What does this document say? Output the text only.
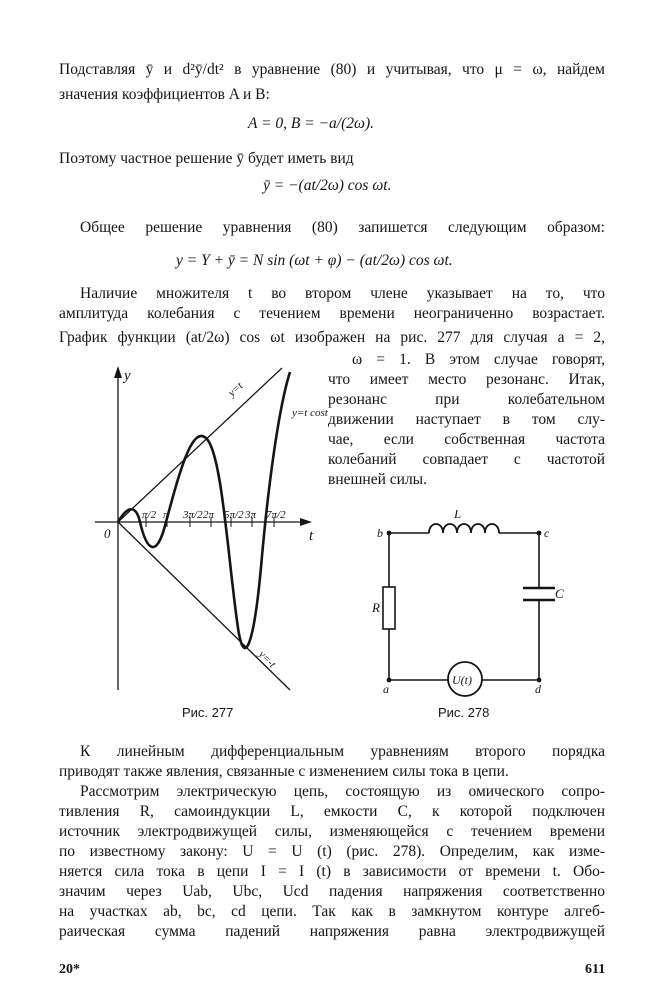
Подставляя ȳ и d²ȳ/dt² в уравнение (80) и учитывая, что μ = ω, найдем
значения коэффициентов A и B:
A = 0, B = −a/(2ω).
Поэтому частное решение ȳ будет иметь вид
ȳ = −(at/2ω) cos ωt.
Общее решение уравнения (80) запишется следующим образом:
y = Y + ȳ = N sin (ωt + φ) − (at/2ω) cos ωt.
Наличие множителя t во втором члене указывает на то, что
амплитуда колебания с течением времени неограниченно возрастает.
График функции (at/2ω) cos ωt изображен на рис. 277 для случая a = 2,
ω = 1. В этом случае говорят,
что имеет место резонанс. Итак,
резонанс при колебательном
движении наступает в том слу-
чае, если собственная частота
колебаний совпадает с частотой
внешней силы.
π/2 π 3π/2 2π 5π/2 3π 7π/2
y
t
0
y=t
y=t cost
y=-t
Рис. 277
U(t)
L
C
R
b	c
a	d
Рис. 278
К линейным дифференциальным уравнениям второго порядка
приводят также явления, связанные с изменением силы тока в цепи.
Рассмотрим электрическую цепь, состоящую из омического сопро-
тивления R, самоиндукции L, емкости C, к которой подключен
источник электродвижущей силы, изменяющейся с течением времени
по известному закону: U = U (t) (рис. 278). Определим, как изме-
няется сила тока в цепи I = I (t) в зависимости от времени t. Обо-
значим через Uab, Ubc, Ucd падения напряжения соответственно
на участках ab, bc, cd цепи. Так как в замкнутом контуре алгеб-
раическая сумма падений напряжения равна электродвижущей
20*	611
